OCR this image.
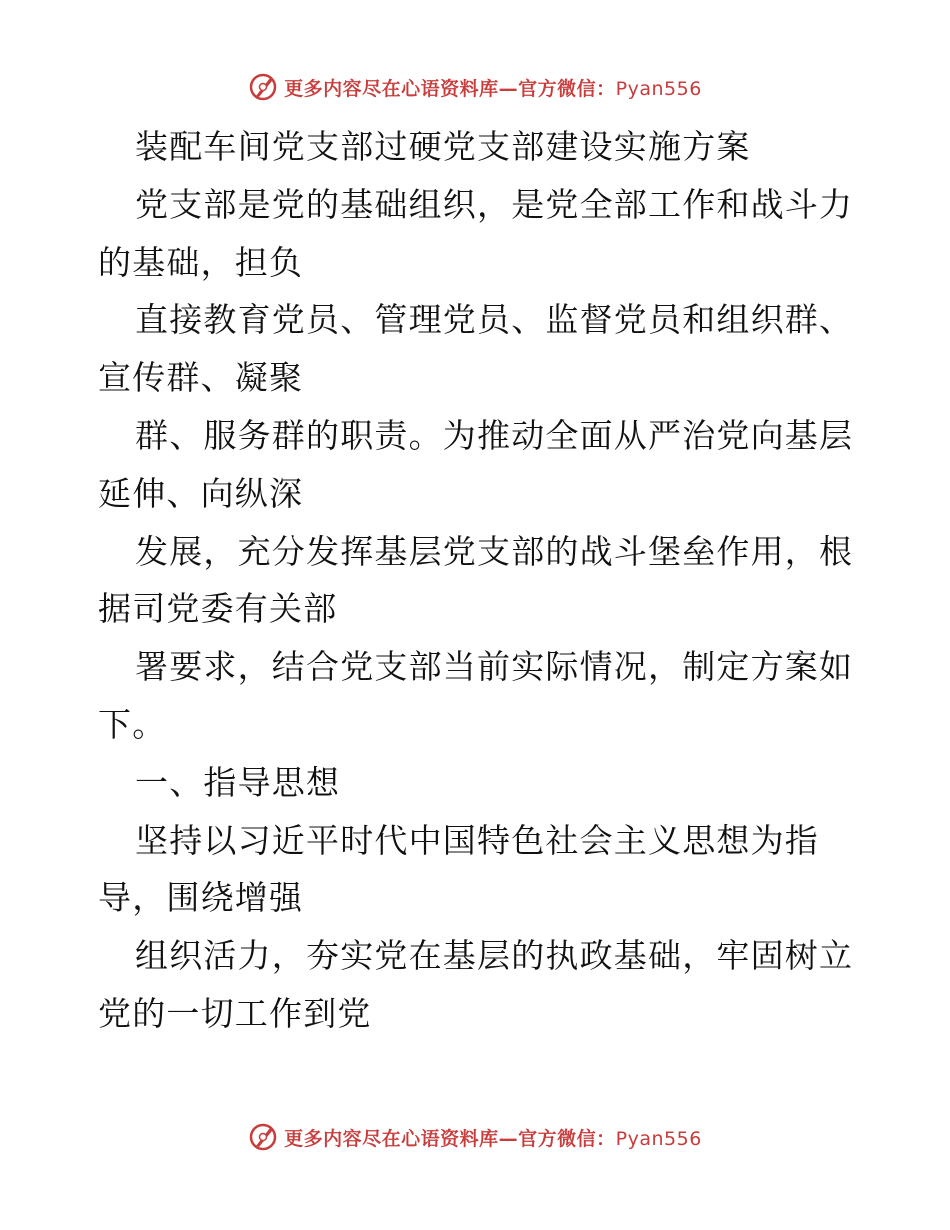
更多内容尽在心语资料库—官方微信：Pyan556
装配车间党支部过硬党支部建设实施方案
党支部是党的基础组织，是党全部工作和战斗力
的基础，担负
直接教育党员、管理党员、监督党员和组织群、
宣传群、凝聚
群、服务群的职责。为推动全面从严治党向基层
延伸、向纵深
发展，充分发挥基层党支部的战斗堡垒作用，根
据司党委有关部
署要求，结合党支部当前实际情况，制定方案如
下。
一、指导思想
坚持以习近平时代中国特色社会主义思想为指
导，围绕增强
组织活力，夯实党在基层的执政基础，牢固树立
党的一切工作到党
更多内容尽在心语资料库—官方微信：Pyan556
